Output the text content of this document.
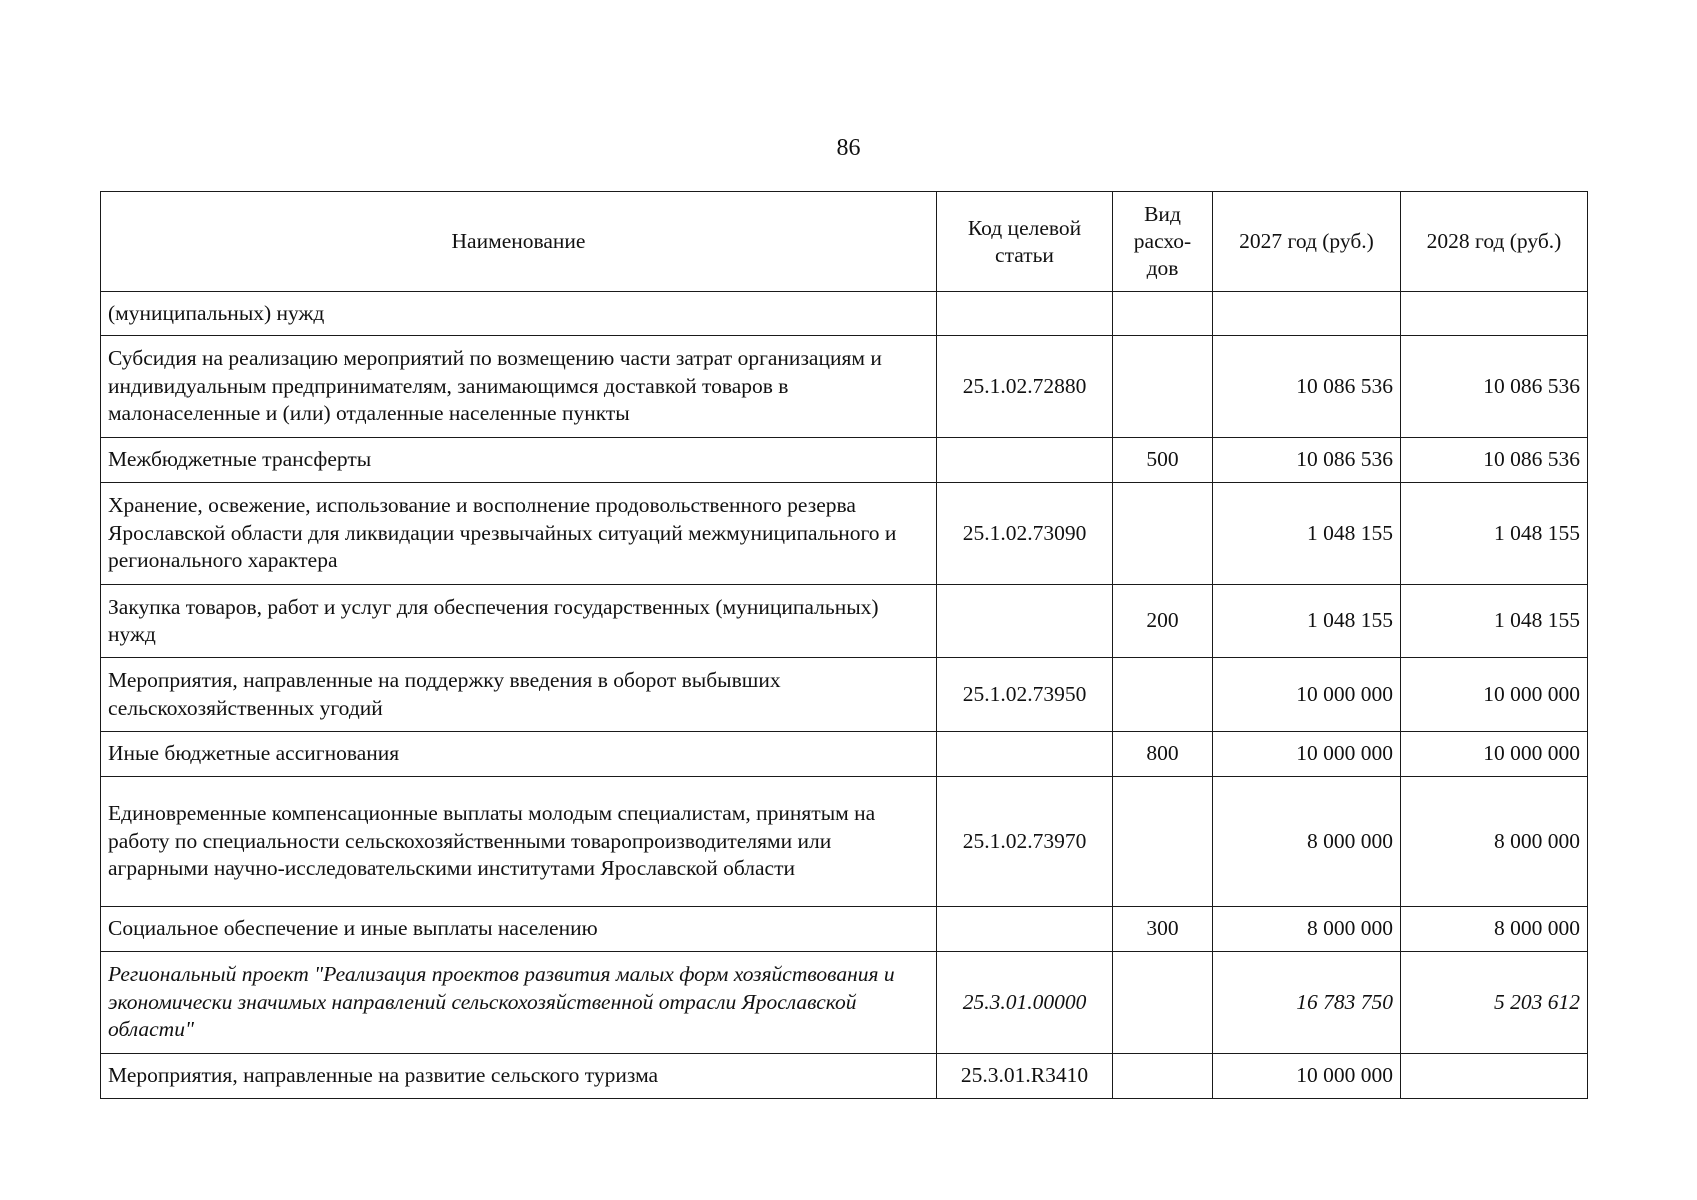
86
Наименование	Код целевой статьи	Вид расхо-дов	2027 год (руб.)	2028 год (руб.)
(муниципальных) нужд				
Субсидия на реализацию мероприятий по возмещению части затрат организациям и индивидуальным предпринимателям, занимающимся доставкой товаров в малонаселенные и (или) отдаленные населенные пункты	25.1.02.72880		10 086 536	10 086 536
Межбюджетные трансферты		500	10 086 536	10 086 536
Хранение, освежение, использование и восполнение продовольственного резерва Ярославской области для ликвидации чрезвычайных ситуаций межмуниципального и регионального характера	25.1.02.73090		1 048 155	1 048 155
Закупка товаров, работ и услуг для обеспечения государственных (муниципальных) нужд		200	1 048 155	1 048 155
Мероприятия, направленные на поддержку введения в оборот выбывших сельскохозяйственных угодий	25.1.02.73950		10 000 000	10 000 000
Иные бюджетные ассигнования		800	10 000 000	10 000 000
Единовременные компенсационные выплаты молодым специалистам, принятым на работу по специальности сельскохозяйственными товаропроизводителями или аграрными научно-исследовательскими институтами Ярославской области	25.1.02.73970		8 000 000	8 000 000
Социальное обеспечение и иные выплаты населению		300	8 000 000	8 000 000
Региональный проект "Реализация проектов развития малых форм хозяйствования и экономически значимых направлений сельскохозяйственной отрасли Ярославской области"	25.3.01.00000		16 783 750	5 203 612
Мероприятия, направленные на развитие сельского туризма	25.3.01.R3410		10 000 000	
